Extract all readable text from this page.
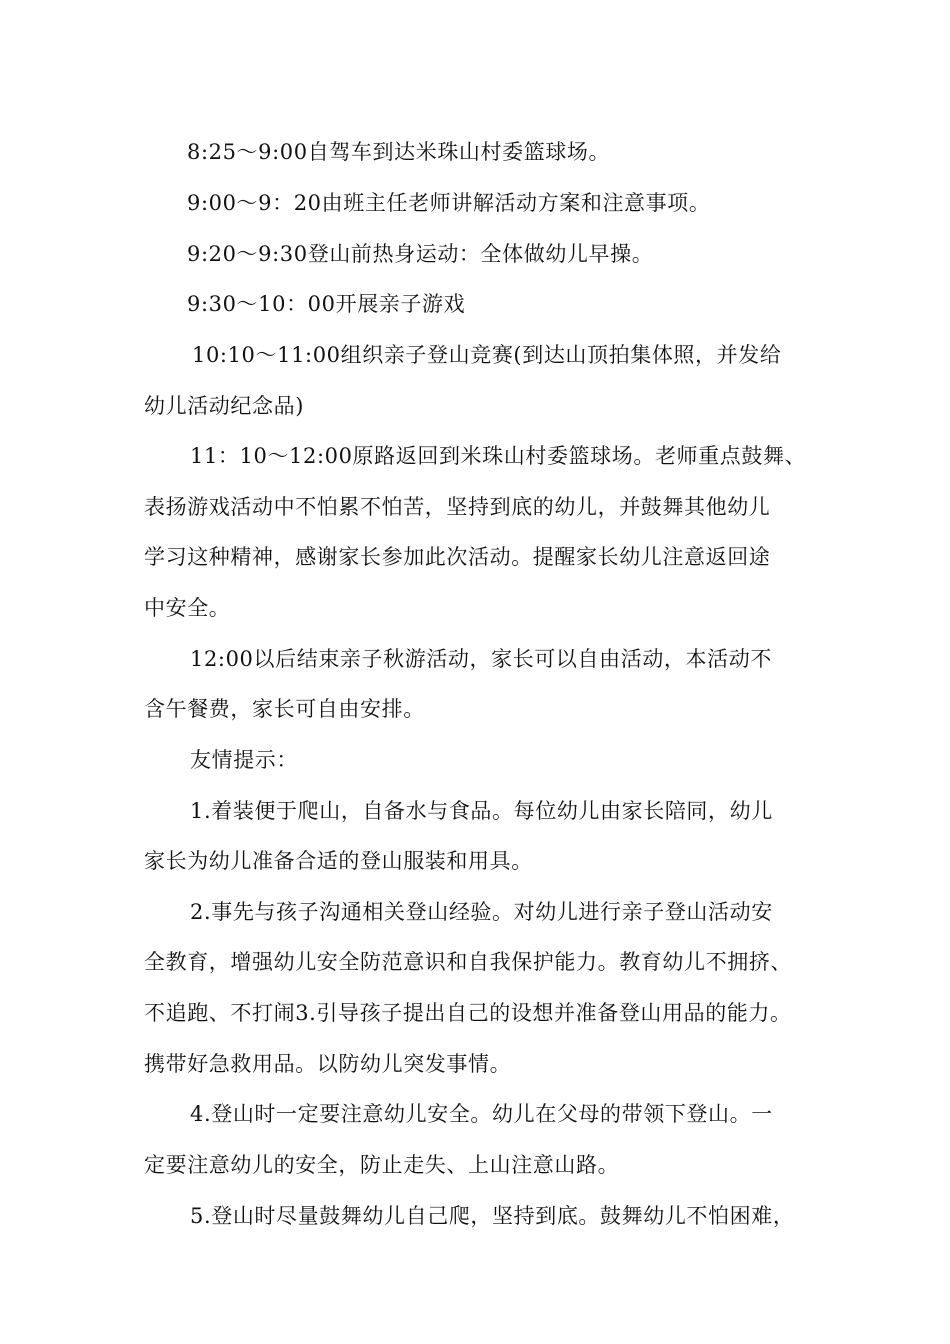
8:25～9:00自驾车到达米珠山村委篮球场。
9:00～9：20由班主任老师讲解活动方案和注意事项。
9:20～9:30登山前热身运动：全体做幼儿早操。
9:30～10：00开展亲子游戏
10:10～11:00组织亲子登山竞赛(到达山顶拍集体照，并发给
幼儿活动纪念品)
11：10～12:00原路返回到米珠山村委篮球场。老师重点鼓舞、
表扬游戏活动中不怕累不怕苦，坚持到底的幼儿，并鼓舞其他幼儿
学习这种精神，感谢家长参加此次活动。提醒家长幼儿注意返回途
中安全。
12:00以后结束亲子秋游活动，家长可以自由活动，本活动不
含午餐费，家长可自由安排。
友情提示：
1.着装便于爬山，自备水与食品。每位幼儿由家长陪同，幼儿
家长为幼儿准备合适的登山服装和用具。
2.事先与孩子沟通相关登山经验。对幼儿进行亲子登山活动安
全教育，增强幼儿安全防范意识和自我保护能力。教育幼儿不拥挤、
不追跑、不打闹3.引导孩子提出自己的设想并准备登山用品的能力。
携带好急救用品。以防幼儿突发事情。
4.登山时一定要注意幼儿安全。幼儿在父母的带领下登山。一
定要注意幼儿的安全，防止走失、上山注意山路。
5.登山时尽量鼓舞幼儿自己爬，坚持到底。鼓舞幼儿不怕困难，
